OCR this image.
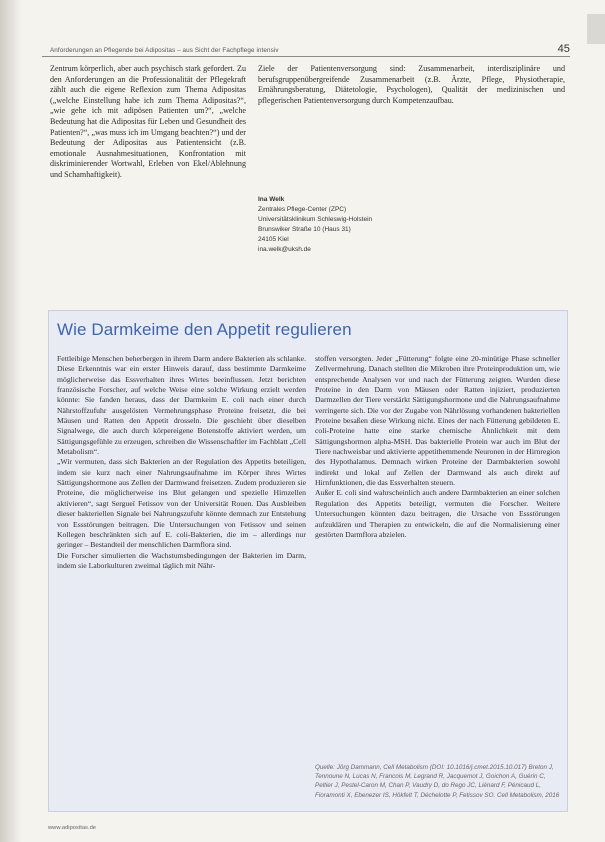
Anforderungen an Pflegende bei Adipositas – aus Sicht der Fachpflege intensiv	45

Zentrum körperlich, aber auch psychisch stark gefordert. Zu den Anforderungen an die Professionalität der Pflegekraft zählt auch die eigene Reflexion zum Thema Adipositas („welche Einstellung habe ich zum Thema Adipositas?“, „wie gehe ich mit adipösen Patienten um?“, „welche Bedeutung hat die Adipositas für Leben und Gesundheit des Patienten?“, „was muss ich im Umgang beachten?“) und der Bedeutung der Adipositas aus Patientensicht (z.B. emotionale Ausnahmesituationen, Konfrontation mit diskriminierender Wortwahl, Erleben von Ekel/Ablehnung und Schamhaftigkeit).

Ziele der Patientenversorgung sind: Zusammenarbeit, interdisziplinäre und berufsgruppenübergreifende Zusammenarbeit (z.B. Ärzte, Pflege, Physiotherapie, Ernährungsberatung, Diätetologie, Psychologen), Qualität der medizinischen und pflegerischen Patientenversorgung durch Kompetenzaufbau.

Ina Welk
Zentrales Pflege-Center (ZPC)
Universitätsklinikum Schleswig-Holstein
Brunswiker Straße 10 (Haus 31)
24105 Kiel
ina.welk@uksh.de
Wie Darmkeime den Appetit regulieren

Fettleibige Menschen beherbergen in ihrem Darm andere Bakterien als schlanke. Diese Erkenntnis war ein erster Hinweis darauf, dass bestimmte Darmkeime möglicherweise das Essverhalten ihres Wirtes beeinflussen. Jetzt berichten französische Forscher, auf welche Weise eine solche Wirkung erzielt werden könnte: Sie fanden heraus, dass der Darmkeim E. coli nach einer durch Nährstoffzufuhr ausgelösten Vermehrungsphase Proteine freisetzt, die bei Mäusen und Ratten den Appetit drosseln. Die geschieht über dieselben Signalwege, die auch durch körpereigene Botenstoffe aktiviert werden, um Sättigungsgefühle zu erzeugen, schreiben die Wissenschaftler im Fachblatt „Cell Metabolism“.

„Wir vermuten, dass sich Bakterien an der Regulation des Appetits beteiligen, indem sie kurz nach einer Nahrungsaufnahme im Körper ihres Wirtes Sättigungshormone aus Zellen der Darmwand freisetzen. Zudem produzieren sie Proteine, die möglicherweise ins Blut gelangen und spezielle Hirnzellen aktivieren“, sagt Sergueï Fetissov von der Universität Rouen. Das Ausbleiben dieser bakteriellen Signale bei Nahrungszufuhr könnte demnach zur Entstehung von Essstörungen beitragen. Die Untersuchungen von Fetissov und seinen Kollegen beschränkten sich auf E. coli-Bakterien, die im – allerdings nur geringer – Bestandteil der menschlichen Darmflora sind.

Die Forscher simulierten die Wachstumsbedingungen der Bakterien im Darm, indem sie Laborkulturen zweimal täglich mit Nähr-

stoffen versorgten. Jeder „Fütterung“ folgte eine 20-minütige Phase schneller Zellvermehrung. Danach stellten die Mikroben ihre Proteinproduktion um, wie entsprechende Analysen vor und nach der Fütterung zeigten. Wurden diese Proteine in den Darm von Mäusen oder Ratten injiziert, produzierten Darmzellen der Tiere verstärkt Sättigungshormone und die Nahrungsaufnahme verringerte sich. Die vor der Zugabe von Nährlösung vorhandenen bakteriellen Proteine besaßen diese Wirkung nicht. Eines der nach Fütterung gebildeten E. coli-Proteine hatte eine starke chemische Ähnlichkeit mit dem Sättigungshormon alpha-MSH. Das bakterielle Protein war auch im Blut der Tiere nachweisbar und aktivierte appetithemmende Neuronen in der Hirnregion des Hypothalamus. Demnach wirken Proteine der Darmbakterien sowohl indirekt und lokal auf Zellen der Darmwand als auch direkt auf Hirnfunktionen, die das Essverhalten steuern.

Außer E. coli sind wahrscheinlich auch andere Darmbakterien an einer solchen Regulation des Appetits beteiligt, vermuten die Forscher. Weitere Untersuchungen könnten dazu beitragen, die Ursache von Essstörungen aufzuklären und Therapien zu entwickeln, die auf die Normalisierung einer gestörten Darmflora abzielen.

Quelle: Jörg Dammann, Cell Metabolism (DOI: 10.1016/j.cmet.2015.10.017) Breton J, Tennoune N, Lucas N, Francois M, Legrand R, Jacquemot J, Goichon A, Guérin C, Peltier J, Pestel-Caron M, Chan P, Vaudry D, do Rego JC, Liénard F, Pénicaud L, Fioramonti X, Ebenezer IS, Hökfelt T, Déchelotte P, Fetissov SO. Cell Metabolism, 2016
www.adipositas.de
